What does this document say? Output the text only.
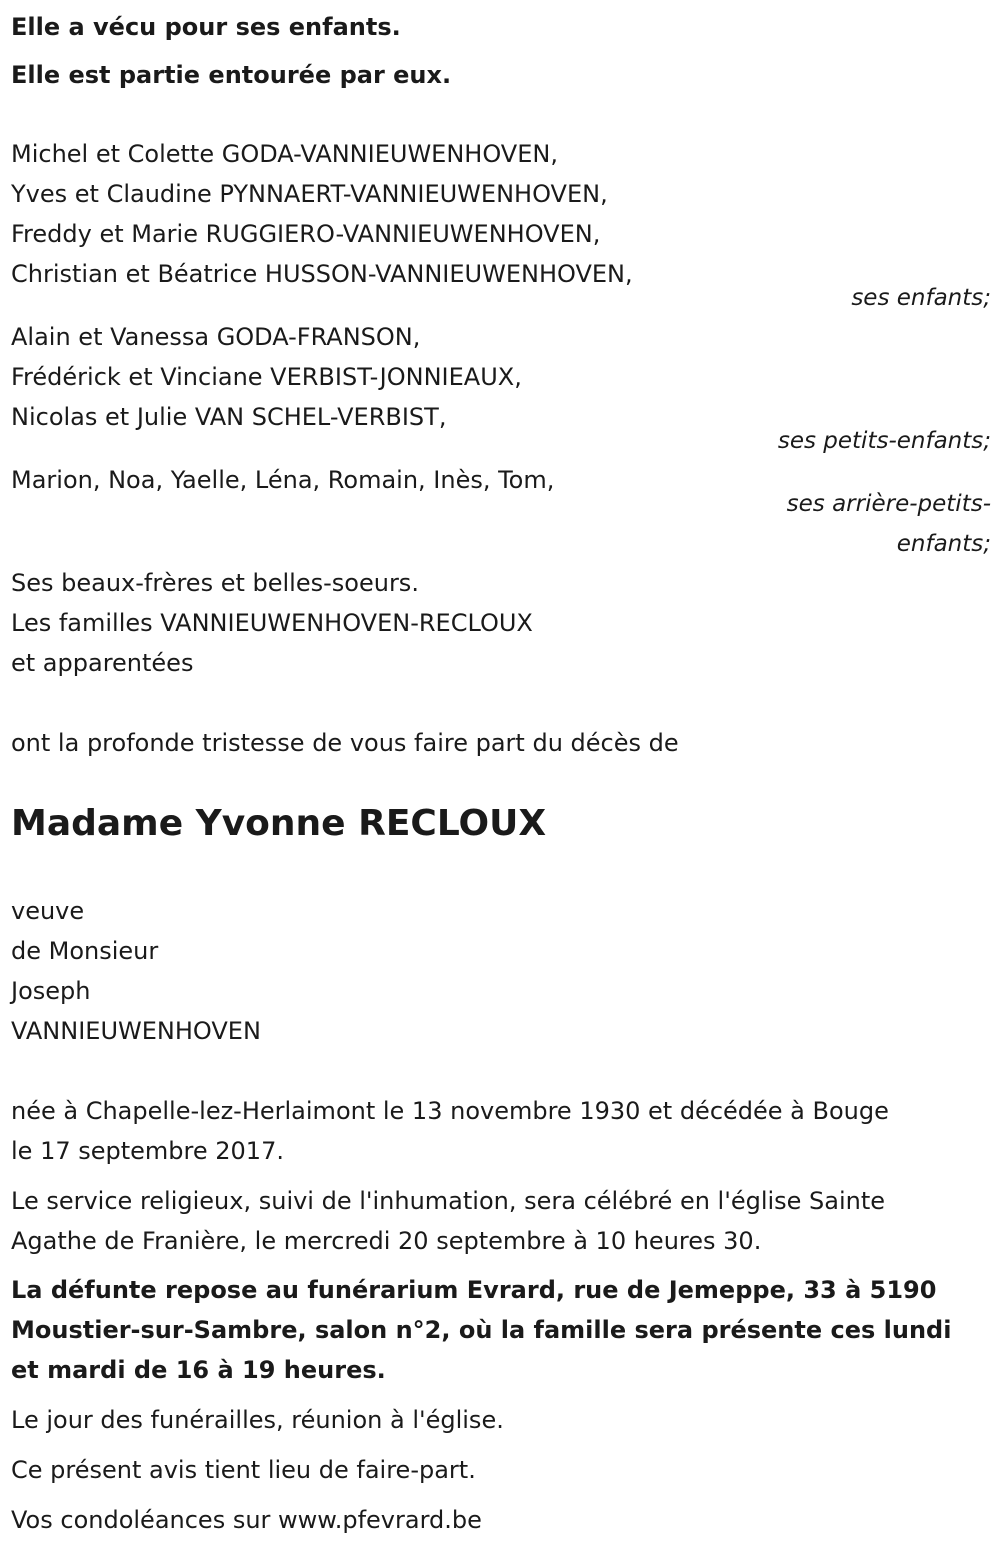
Elle a vécu pour ses enfants.

Elle est partie entourée par eux.

Michel et Colette GODA-VANNIEUWENHOVEN,

Yves et Claudine PYNNAERT-VANNIEUWENHOVEN,

Freddy et Marie RUGGIERO-VANNIEUWENHOVEN,

Christian et Béatrice HUSSON-VANNIEUWENHOVEN,

ses enfants;

Alain et Vanessa GODA-FRANSON,

Frédérick et Vinciane VERBIST-JONNIEAUX,

Nicolas et Julie VAN SCHEL-VERBIST,

ses petits-enfants;

Marion, Noa, Yaelle, Léna, Romain, Inès, Tom,

ses arrière-petits-

enfants;

Ses beaux-frères et belles-soeurs.

Les familles VANNIEUWENHOVEN-RECLOUX

et apparentées

ont la profonde tristesse de vous faire part du décès de

Madame Yvonne RECLOUX

veuve

de Monsieur

Joseph

VANNIEUWENHOVEN

née à Chapelle-lez-Herlaimont le 13 novembre 1930 et décédée à Bouge

le 17 septembre 2017.

Le service religieux, suivi de l'inhumation, sera célébré en l'église Sainte

Agathe de Franière, le mercredi 20 septembre à 10 heures 30.

La défunte repose au funérarium Evrard, rue de Jemeppe, 33 à 5190

Moustier-sur-Sambre, salon n°2, où la famille sera présente ces lundi

et mardi de 16 à 19 heures.

Le jour des funérailles, réunion à l'église.

Ce présent avis tient lieu de faire-part.

Vos condoléances sur www.pfevrard.be
